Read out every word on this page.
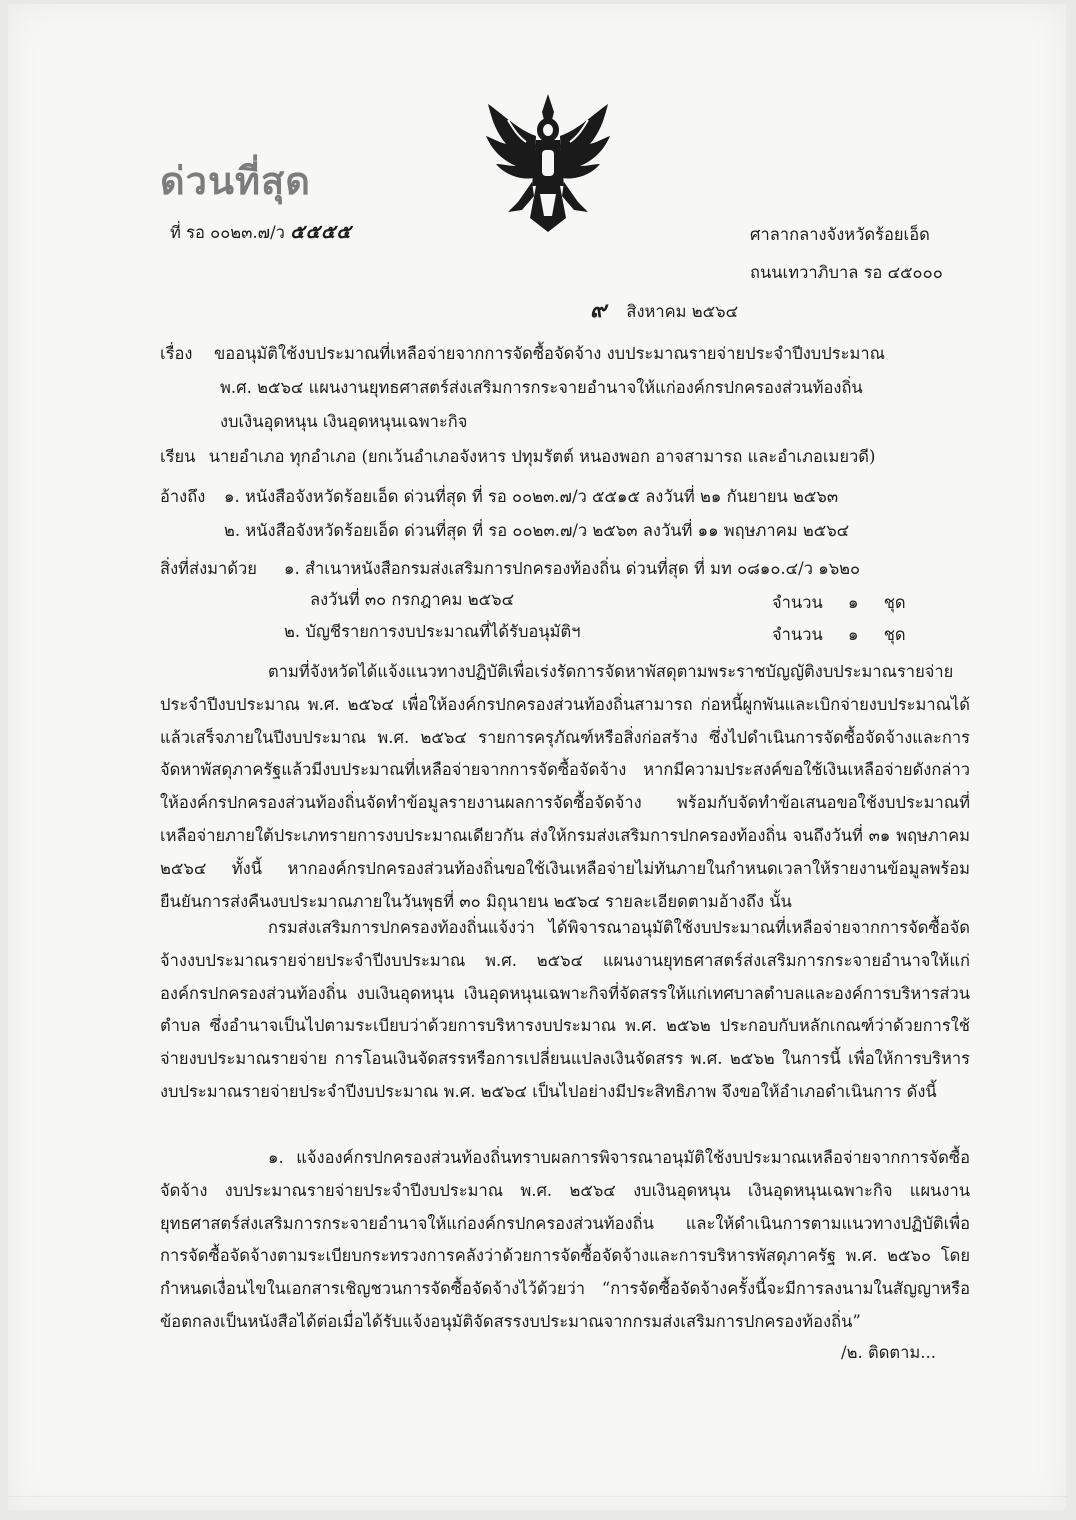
ด่วนที่สุด
ที่ รอ ๐๐๒๓.๗/ว ๕๕๕๕	ศาลากลางจังหวัดร้อยเอ็ด
ถนนเทวาภิบาล รอ ๔๕๐๐๐
๙ สิงหาคม ๒๕๖๔
เรื่อง ขออนุมัติใช้งบประมาณที่เหลือจ่ายจากการจัดซื้อจัดจ้าง งบประมาณรายจ่ายประจำปีงบประมาณ
พ.ศ. ๒๕๖๔ แผนงานยุทธศาสตร์ส่งเสริมการกระจายอำนาจให้แก่องค์กรปกครองส่วนท้องถิ่น
งบเงินอุดหนุน เงินอุดหนุนเฉพาะกิจ
เรียน นายอำเภอ ทุกอำเภอ (ยกเว้นอำเภอจังหาร ปทุมรัตต์ หนองพอก อาจสามารถ และอำเภอเมยวดี)
อ้างถึง ๑. หนังสือจังหวัดร้อยเอ็ด ด่วนที่สุด ที่ รอ ๐๐๒๓.๗/ว ๕๕๑๕ ลงวันที่ ๒๑ กันยายน ๒๕๖๓
๒. หนังสือจังหวัดร้อยเอ็ด ด่วนที่สุด ที่ รอ ๐๐๒๓.๗/ว ๒๕๖๓ ลงวันที่ ๑๑ พฤษภาคม ๒๕๖๔
สิ่งที่ส่งมาด้วย ๑. สำเนาหนังสือกรมส่งเสริมการปกครองท้องถิ่น ด่วนที่สุด ที่ มท ๐๘๑๐.๔/ว ๑๖๒๐
ลงวันที่ ๓๐ กรกฎาคม ๒๕๖๔	จำนวน ๑ ชุด
๒. บัญชีรายการงบประมาณที่ได้รับอนุมัติฯ	จำนวน ๑ ชุด

ตามที่จังหวัดได้แจ้งแนวทางปฏิบัติเพื่อเร่งรัดการจัดหาพัสดุตามพระราชบัญญัติงบประมาณรายจ่ายประจำปีงบประมาณ พ.ศ. ๒๕๖๔ เพื่อให้องค์กรปกครองส่วนท้องถิ่นสามารถ ก่อหนี้ผูกพันและเบิกจ่ายงบประมาณได้แล้วเสร็จภายในปีงบประมาณ พ.ศ. ๒๕๖๔ รายการครุภัณฑ์หรือสิ่งก่อสร้าง ซึ่งไปดำเนินการจัดซื้อจัดจ้างและการจัดหาพัสดุภาครัฐแล้วมีงบประมาณที่เหลือจ่ายจากการจัดซื้อจัดจ้าง หากมีความประสงค์ขอใช้เงินเหลือจ่ายดังกล่าว ให้องค์กรปกครองส่วนท้องถิ่นจัดทำข้อมูลรายงานผลการจัดซื้อจัดจ้าง พร้อมกับจัดทำข้อเสนอขอใช้งบประมาณที่เหลือจ่ายภายใต้ประเภทรายการงบประมาณเดียวกัน ส่งให้กรมส่งเสริมการปกครองท้องถิ่น จนถึงวันที่ ๓๑ พฤษภาคม ๒๕๖๔ ทั้งนี้ หากองค์กรปกครองส่วนท้องถิ่นขอใช้เงินเหลือจ่ายไม่ทันภายในกำหนดเวลาให้รายงานข้อมูลพร้อมยืนยันการส่งคืนงบประมาณภายในวันพุธที่ ๓๐ มิถุนายน ๒๕๖๔ รายละเอียดตามอ้างถึง นั้น

กรมส่งเสริมการปกครองท้องถิ่นแจ้งว่า ได้พิจารณาอนุมัติใช้งบประมาณที่เหลือจ่ายจากการจัดซื้อจัดจ้างงบประมาณรายจ่ายประจำปีงบประมาณ พ.ศ. ๒๕๖๔ แผนงานยุทธศาสตร์ส่งเสริมการกระจายอำนาจให้แก่องค์กรปกครองส่วนท้องถิ่น งบเงินอุดหนุน เงินอุดหนุนเฉพาะกิจที่จัดสรรให้แก่เทศบาลตำบลและองค์การบริหารส่วนตำบล ซึ่งอำนาจเป็นไปตามระเบียบว่าด้วยการบริหารงบประมาณ พ.ศ. ๒๕๖๒ ประกอบกับหลักเกณฑ์ว่าด้วยการใช้จ่ายงบประมาณรายจ่าย การโอนเงินจัดสรรหรือการเปลี่ยนแปลงเงินจัดสรร พ.ศ. ๒๕๖๒ ในการนี้ เพื่อให้การบริหารงบประมาณรายจ่ายประจำปีงบประมาณ พ.ศ. ๒๕๖๔ เป็นไปอย่างมีประสิทธิภาพ จึงขอให้อำเภอดำเนินการ ดังนี้

๑. แจ้งองค์กรปกครองส่วนท้องถิ่นทราบผลการพิจารณาอนุมัติใช้งบประมาณเหลือจ่ายจากการจัดซื้อจัดจ้าง งบประมาณรายจ่ายประจำปีงบประมาณ พ.ศ. ๒๕๖๔ งบเงินอุดหนุน เงินอุดหนุนเฉพาะกิจ แผนงานยุทธศาสตร์ส่งเสริมการกระจายอำนาจให้แก่องค์กรปกครองส่วนท้องถิ่น และให้ดำเนินการตามแนวทางปฏิบัติเพื่อการจัดซื้อจัดจ้างตามระเบียบกระทรวงการคลังว่าด้วยการจัดซื้อจัดจ้างและการบริหารพัสดุภาครัฐ พ.ศ. ๒๕๖๐ โดยกำหนดเงื่อนไขในเอกสารเชิญชวนการจัดซื้อจัดจ้างไว้ด้วยว่า “การจัดซื้อจัดจ้างครั้งนี้จะมีการลงนามในสัญญาหรือข้อตกลงเป็นหนังสือได้ต่อเมื่อได้รับแจ้งอนุมัติจัดสรรงบประมาณจากกรมส่งเสริมการปกครองท้องถิ่น”

/๒. ติดตาม...
